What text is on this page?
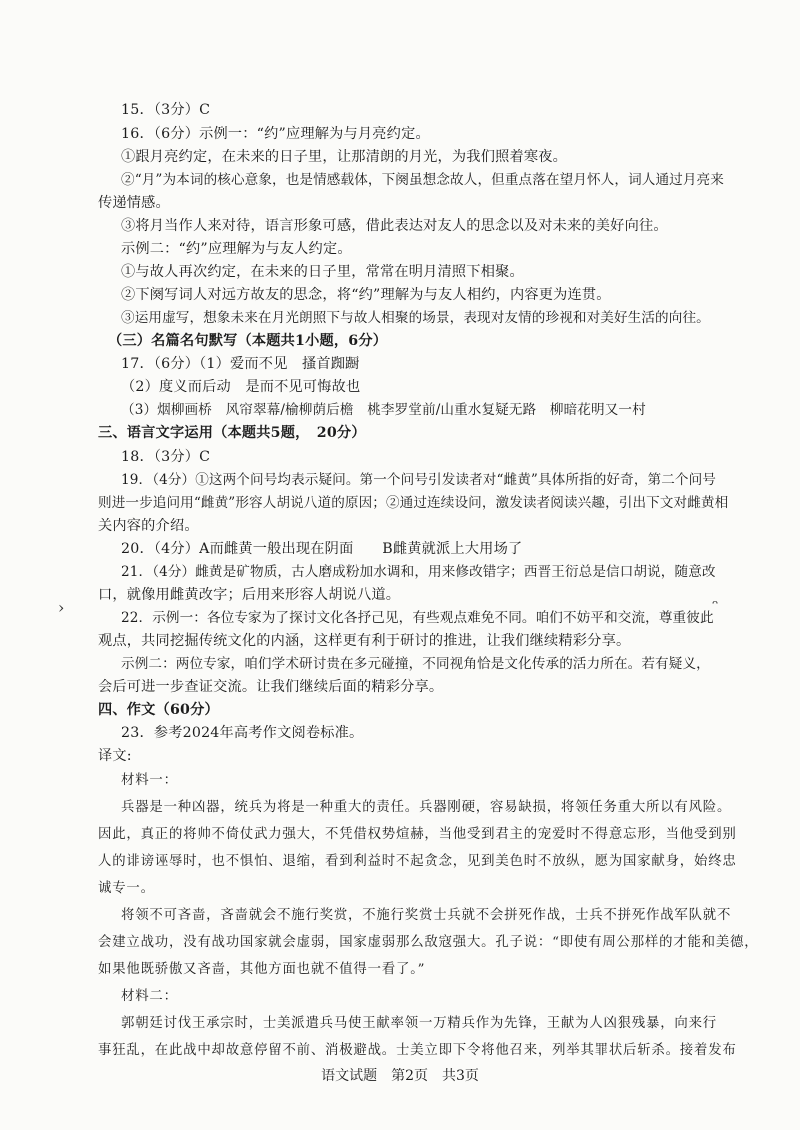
15．（3分）C
16．（6分）示例一：“约”应理解为与月亮约定。
①跟月亮约定，在未来的日子里，让那清朗的月光，为我们照着寒夜。
②“月”为本词的核心意象，也是情感载体，下阕虽想念故人，但重点落在望月怀人，词人通过月亮来
传递情感。
③将月当作人来对待，语言形象可感，借此表达对友人的思念以及对未来的美好向往。
示例二：“约”应理解为与友人约定。
①与故人再次约定，在未来的日子里，常常在明月清照下相聚。
②下阕写词人对远方故友的思念，将“约”理解为与友人相约，内容更为连贯。
③运用虚写，想象未来在月光朗照下与故人相聚的场景，表现对友情的珍视和对美好生活的向往。
（三）名篇名句默写（本题共1小题，6分）
17．（6分）（1）爱而不见　搔首踟蹰
（2）度义而后动　是而不见可悔故也
（3）烟柳画桥　风帘翠幕/榆柳荫后檐　桃李罗堂前/山重水复疑无路　柳暗花明又一村
三、语言文字运用（本题共5题，　20分）
18．（3分）C
19．（4分）①这两个问号均表示疑问。第一个问号引发读者对“雌黄”具体所指的好奇，第二个问号
则进一步追问用“雌黄”形容人胡说八道的原因；②通过连续设问，激发读者阅读兴趣，引出下文对雌黄相
关内容的介绍。
20．（4分）A而雌黄一般出现在阴面　　B雌黄就派上大用场了
21．（4分）雌黄是矿物质，古人磨成粉加水调和，用来修改错字；西晋王衍总是信口胡说，随意改
口，就像用雌黄改字；后用来形容人胡说八道。
22．示例一：各位专家为了探讨文化各抒己见，有些观点难免不同。咱们不妨平和交流，尊重彼此
观点，共同挖掘传统文化的内涵，这样更有利于研讨的推进，让我们继续精彩分享。
示例二：两位专家，咱们学术研讨贵在多元碰撞，不同视角恰是文化传承的活力所在。若有疑义，
会后可进一步查证交流。让我们继续后面的精彩分享。
四、作文（60分）
23．参考2024年高考作文阅卷标准。
译文:
材料一：
兵器是一种凶器，统兵为将是一种重大的责任。兵器刚硬，容易缺损，将领任务重大所以有风险。
因此，真正的将帅不倚仗武力强大，不凭借权势煊赫，当他受到君主的宠爱时不得意忘形，当他受到别
人的诽谤诬辱时，也不惧怕、退缩，看到利益时不起贪念，见到美色时不放纵，愿为国家献身，始终忠
诚专一。
将领不可吝啬，吝啬就会不施行奖赏，不施行奖赏士兵就不会拼死作战，士兵不拼死作战军队就不
会建立战功，没有战功国家就会虚弱，国家虚弱那么敌寇强大。孔子说：“即使有周公那样的才能和美德，
如果他既骄傲又吝啬，其他方面也就不值得一看了。”
材料二：
郭朝廷讨伐王承宗时，士美派遣兵马使王献率领一万精兵作为先锋，王献为人凶狠残暴，向来行
事狂乱，在此战中却故意停留不前、消极避战。士美立即下令将他召来，列举其罪状后斩杀。接着发布
语文试题　第2页　共3页
›	ᵔ
